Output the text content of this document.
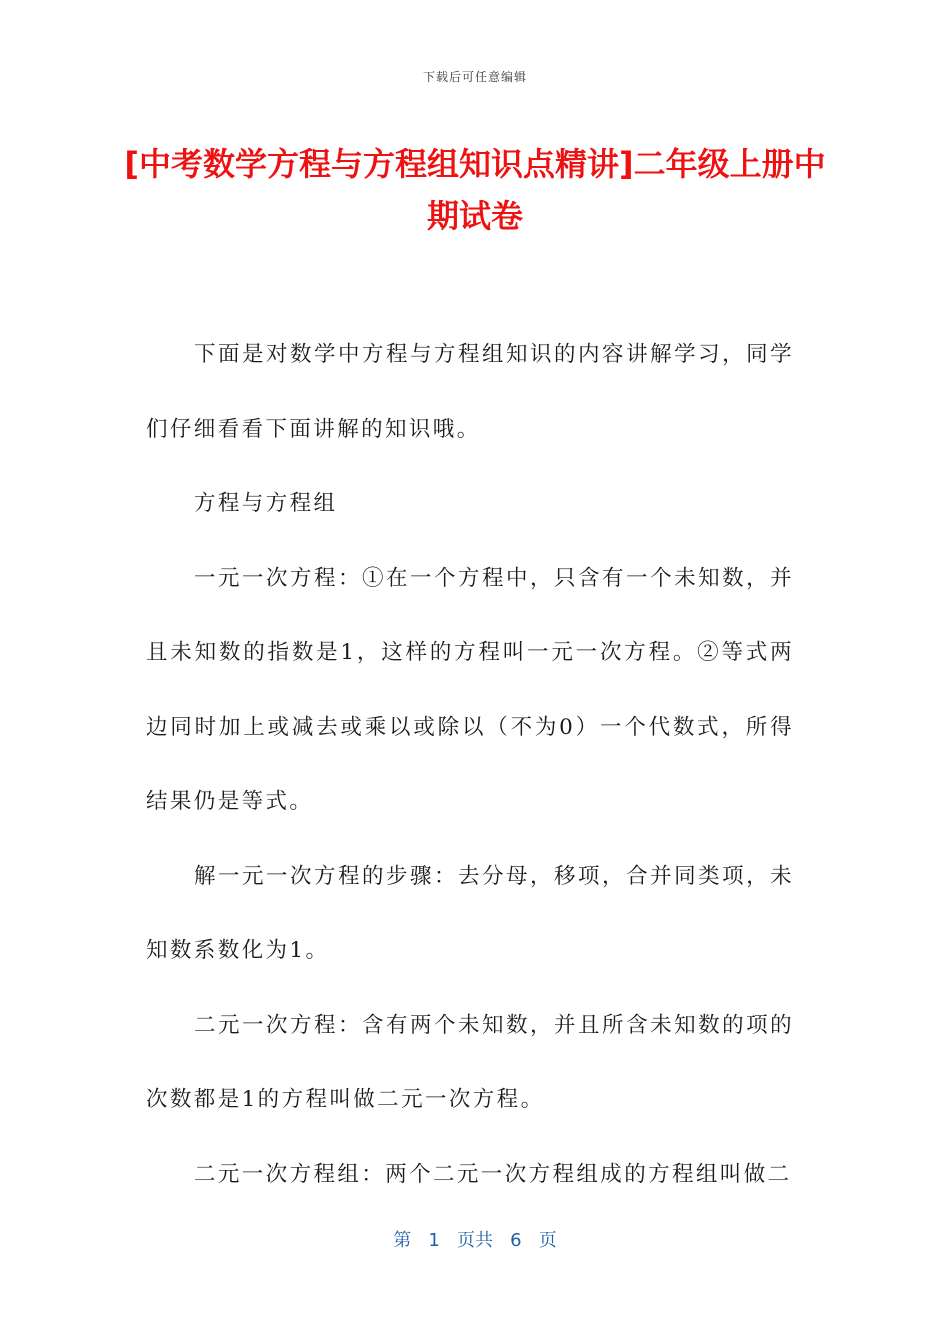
下载后可任意编辑
[中考数学方程与方程组知识点精讲]二年级上册中期试卷

下面是对数学中方程与方程组知识的内容讲解学习，同学们仔细看看下面讲解的知识哦。

方程与方程组

一元一次方程：①在一个方程中，只含有一个未知数，并且未知数的指数是1，这样的方程叫一元一次方程。②等式两边同时加上或减去或乘以或除以（不为0）一个代数式，所得结果仍是等式。

解一元一次方程的步骤：去分母，移项，合并同类项，未知数系数化为1。

二元一次方程：含有两个未知数，并且所含未知数的项的次数都是1的方程叫做二元一次方程。

二元一次方程组：两个二元一次方程组成的方程组叫做二

第 1 页共 6 页
